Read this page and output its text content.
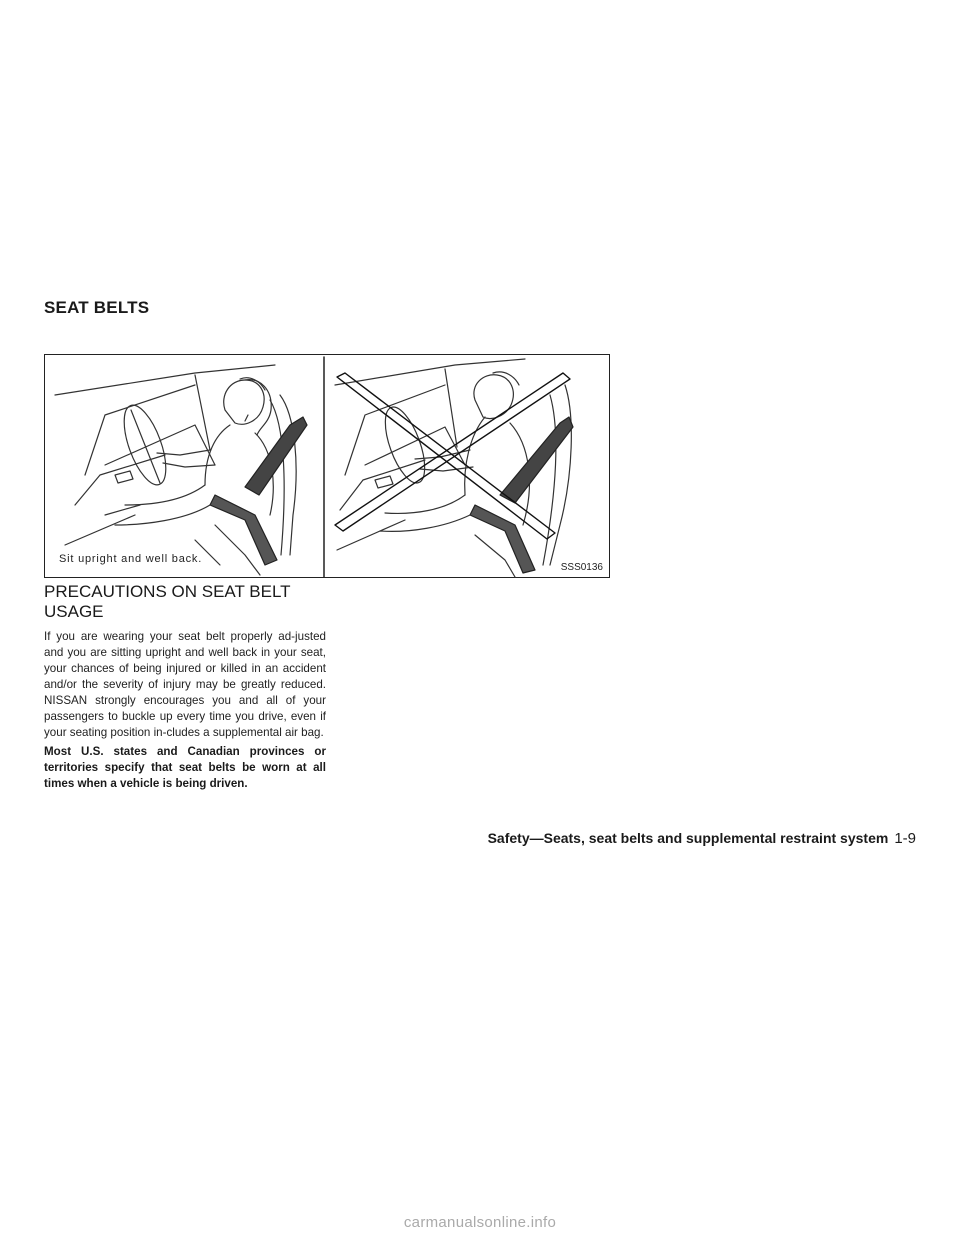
SEAT BELTS
Sit upright and well back.
SSS0136
PRECAUTIONS ON SEAT BELT USAGE

If you are wearing your seat belt properly ad-justed and you are sitting upright and well back in your seat, your chances of being injured or killed in an accident and/or the severity of injury may be greatly reduced. NISSAN strongly encourages you and all of your passengers to buckle up every time you drive, even if your seating position in-cludes a supplemental air bag.

Most U.S. states and Canadian provinces or territories specify that seat belts be worn at all times when a vehicle is being driven.

Safety—Seats, seat belts and supplemental restraint system 1-9
carmanualsonline.info
